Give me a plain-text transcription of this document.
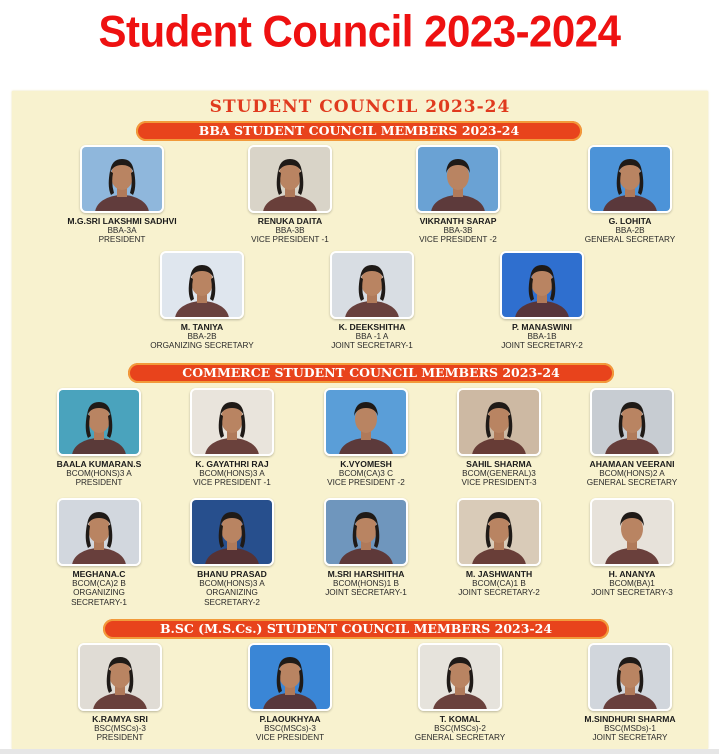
Student Council 2023-2024
STUDENT COUNCIL 2023-24
BBA STUDENT COUNCIL MEMBERS 2023-24
COMMERCE STUDENT COUNCIL MEMBERS 2023-24
B.SC (M.S.Cs.) STUDENT COUNCIL MEMBERS 2023-24
M.G.SRI LAKSHMI SADHVI
BBA-3A
PRESIDENT
RENUKA DAITA
BBA-3B
VICE PRESIDENT -1
VIKRANTH SARAP
BBA-3B
VICE PRESIDENT -2
G. LOHITA
BBA-2B
GENERAL SECRETARY
M. TANIYA
BBA-2B
ORGANIZING SECRETARY
K. DEEKSHITHA
BBA -1 A
JOINT SECRETARY-1
P. MANASWINI
BBA-1B
JOINT SECRETARY-2
BAALA KUMARAN.S
BCOM(HONS)3 A
PRESIDENT
K. GAYATHRI RAJ
BCOM(HONS)3 A
VICE PRESIDENT -1
K.VYOMESH
BCOM(CA)3 C
VICE PRESIDENT -2
SAHIL SHARMA
BCOM(GENERAL)3
VICE PRESIDENT-3
AHAMAAN VEERANI
BCOM(HONS)2 A
GENERAL SECRETARY
MEGHANA.C
BCOM(CA)2 B
ORGANIZING
SECRETARY-1
BHANU PRASAD
BCOM(HONS)3 A
ORGANIZING
SECRETARY-2
M.SRI HARSHITHA
BCOM(HONS)1 B
JOINT SECRETARY-1
M. JASHWANTH
BCOM(CA)1 B
JOINT SECRETARY-2
H. ANANYA
BCOM(BA)1
JOINT SECRETARY-3
K.RAMYA SRI
BSC(MSCs)-3
PRESIDENT
P.LAOUKHYAA
BSC(MSCs)-3
VICE PRESIDENT
T. KOMAL
BSC(MSCs)-2
GENERAL SECRETARY
M.SINDHURI SHARMA
BSC(MSDs)-1
JOINT SECRETARY
